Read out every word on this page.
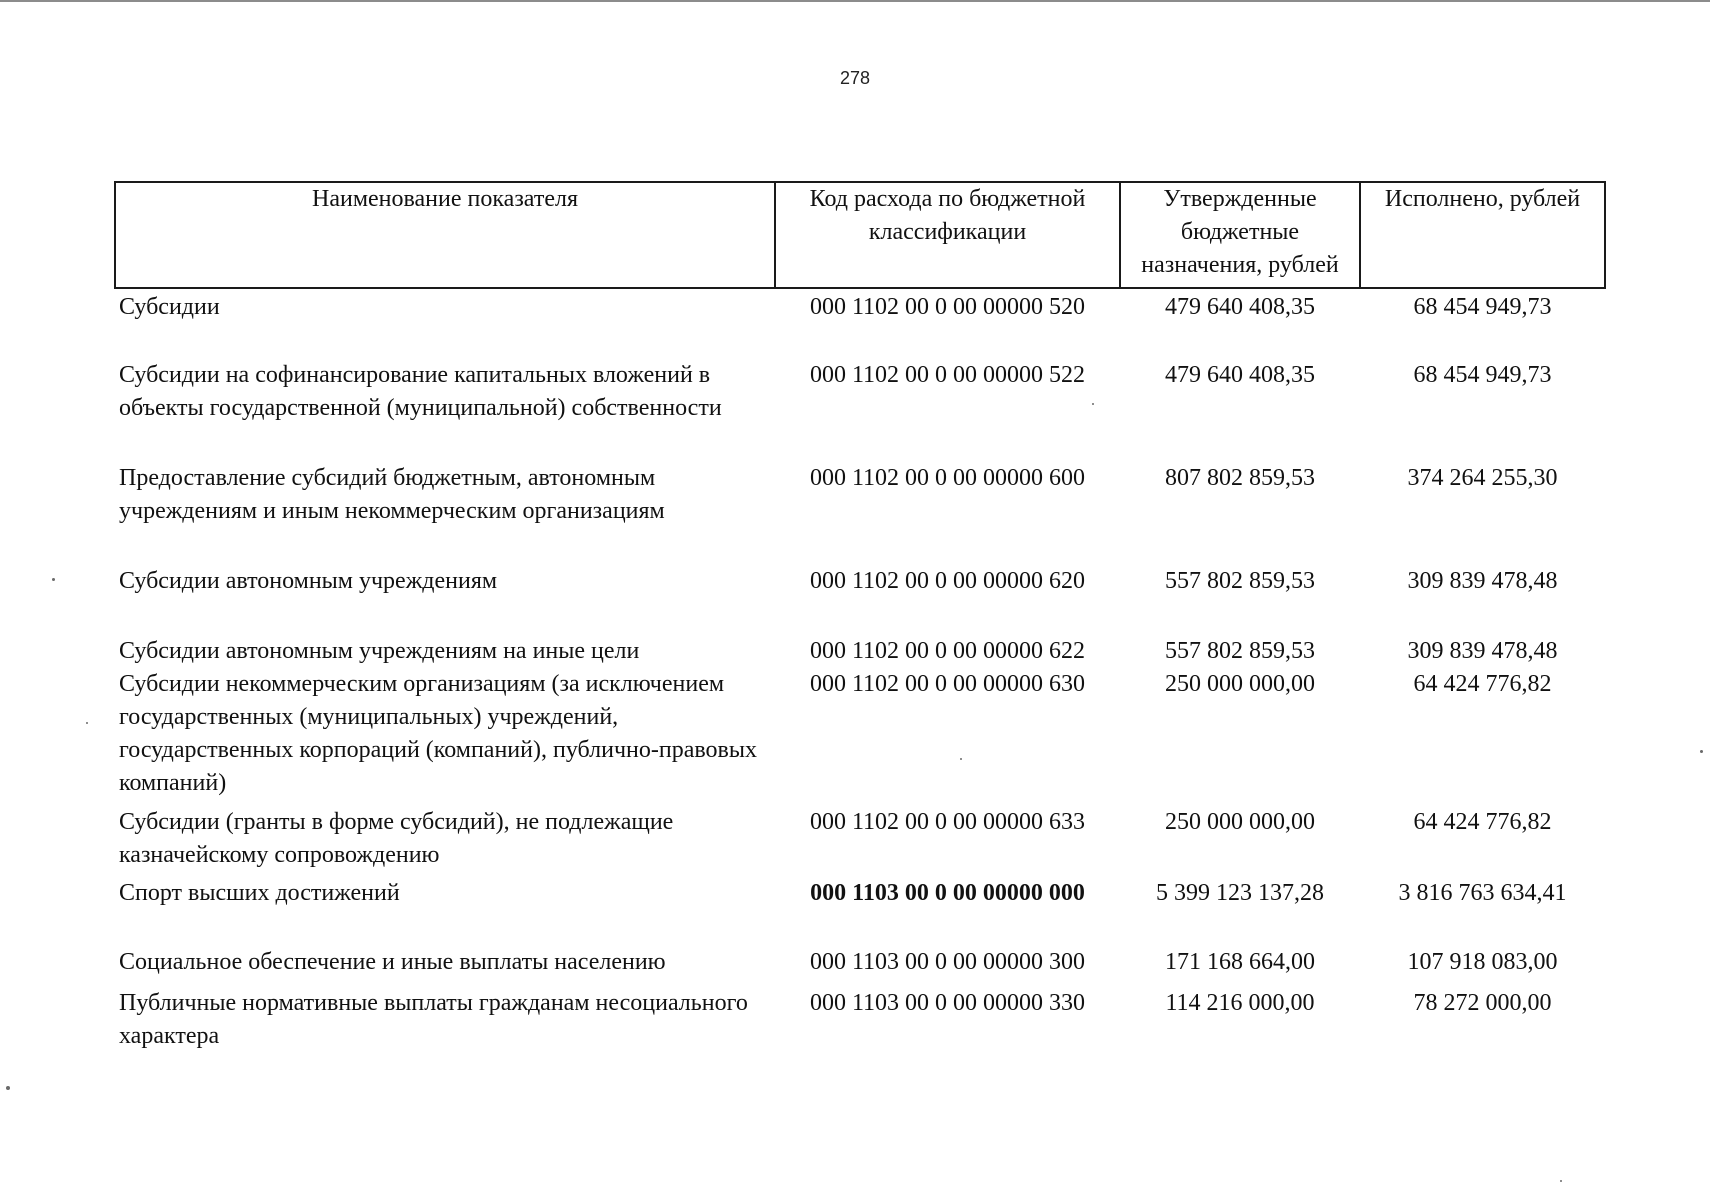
278
Наименование показателя	Код расхода по бюджетной классификации	Утвержденные бюджетные назначения, рублей	Исполнено, рублей
Субсидии	000 1102 00 0 00 00000 520	479 640 408,35	68 454 949,73
Субсидии на софинансирование капитальных вложений в объекты государственной (муниципальной) собственности	000 1102 00 0 00 00000 522	479 640 408,35	68 454 949,73
Предоставление субсидий бюджетным, автономным учреждениям и иным некоммерческим организациям	000 1102 00 0 00 00000 600	807 802 859,53	374 264 255,30
Субсидии автономным учреждениям	000 1102 00 0 00 00000 620	557 802 859,53	309 839 478,48
Субсидии автономным учреждениям на иные цели	000 1102 00 0 00 00000 622	557 802 859,53	309 839 478,48
Субсидии некоммерческим организациям (за исключением государственных (муниципальных) учреждений, государственных корпораций (компаний), публично-правовых компаний)	000 1102 00 0 00 00000 630	250 000 000,00	64 424 776,82
Субсидии (гранты в форме субсидий), не подлежащие казначейскому сопровождению	000 1102 00 0 00 00000 633	250 000 000,00	64 424 776,82
Спорт высших достижений	000 1103 00 0 00 00000 000	5 399 123 137,28	3 816 763 634,41
Социальное обеспечение и иные выплаты населению	000 1103 00 0 00 00000 300	171 168 664,00	107 918 083,00
Публичные нормативные выплаты гражданам несоциального характера	000 1103 00 0 00 00000 330	114 216 000,00	78 272 000,00
